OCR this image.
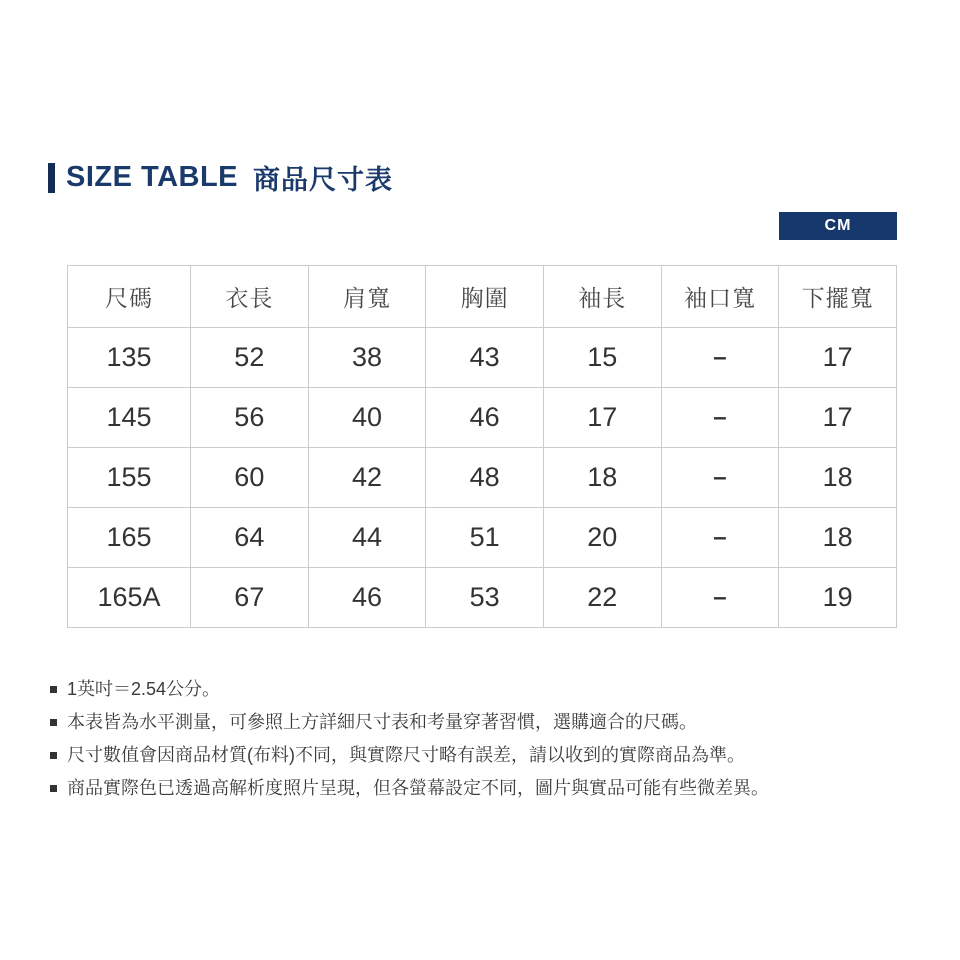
SIZE TABLE 商品尺寸表
CM
尺碼	衣長	肩寬	胸圍	袖長	袖口寬	下擺寬
135	52	38	43	15	–	17
145	56	40	46	17	–	17
155	60	42	48	18	–	18
165	64	44	51	20	–	18
165A	67	46	53	22	–	19
1英吋＝2.54公分。
本表皆為水平測量，可參照上方詳細尺寸表和考量穿著習慣，選購適合的尺碼。
尺寸數值會因商品材質(布料)不同，與實際尺寸略有誤差，請以收到的實際商品為準。
商品實際色已透過高解析度照片呈現，但各螢幕設定不同，圖片與實品可能有些微差異。
